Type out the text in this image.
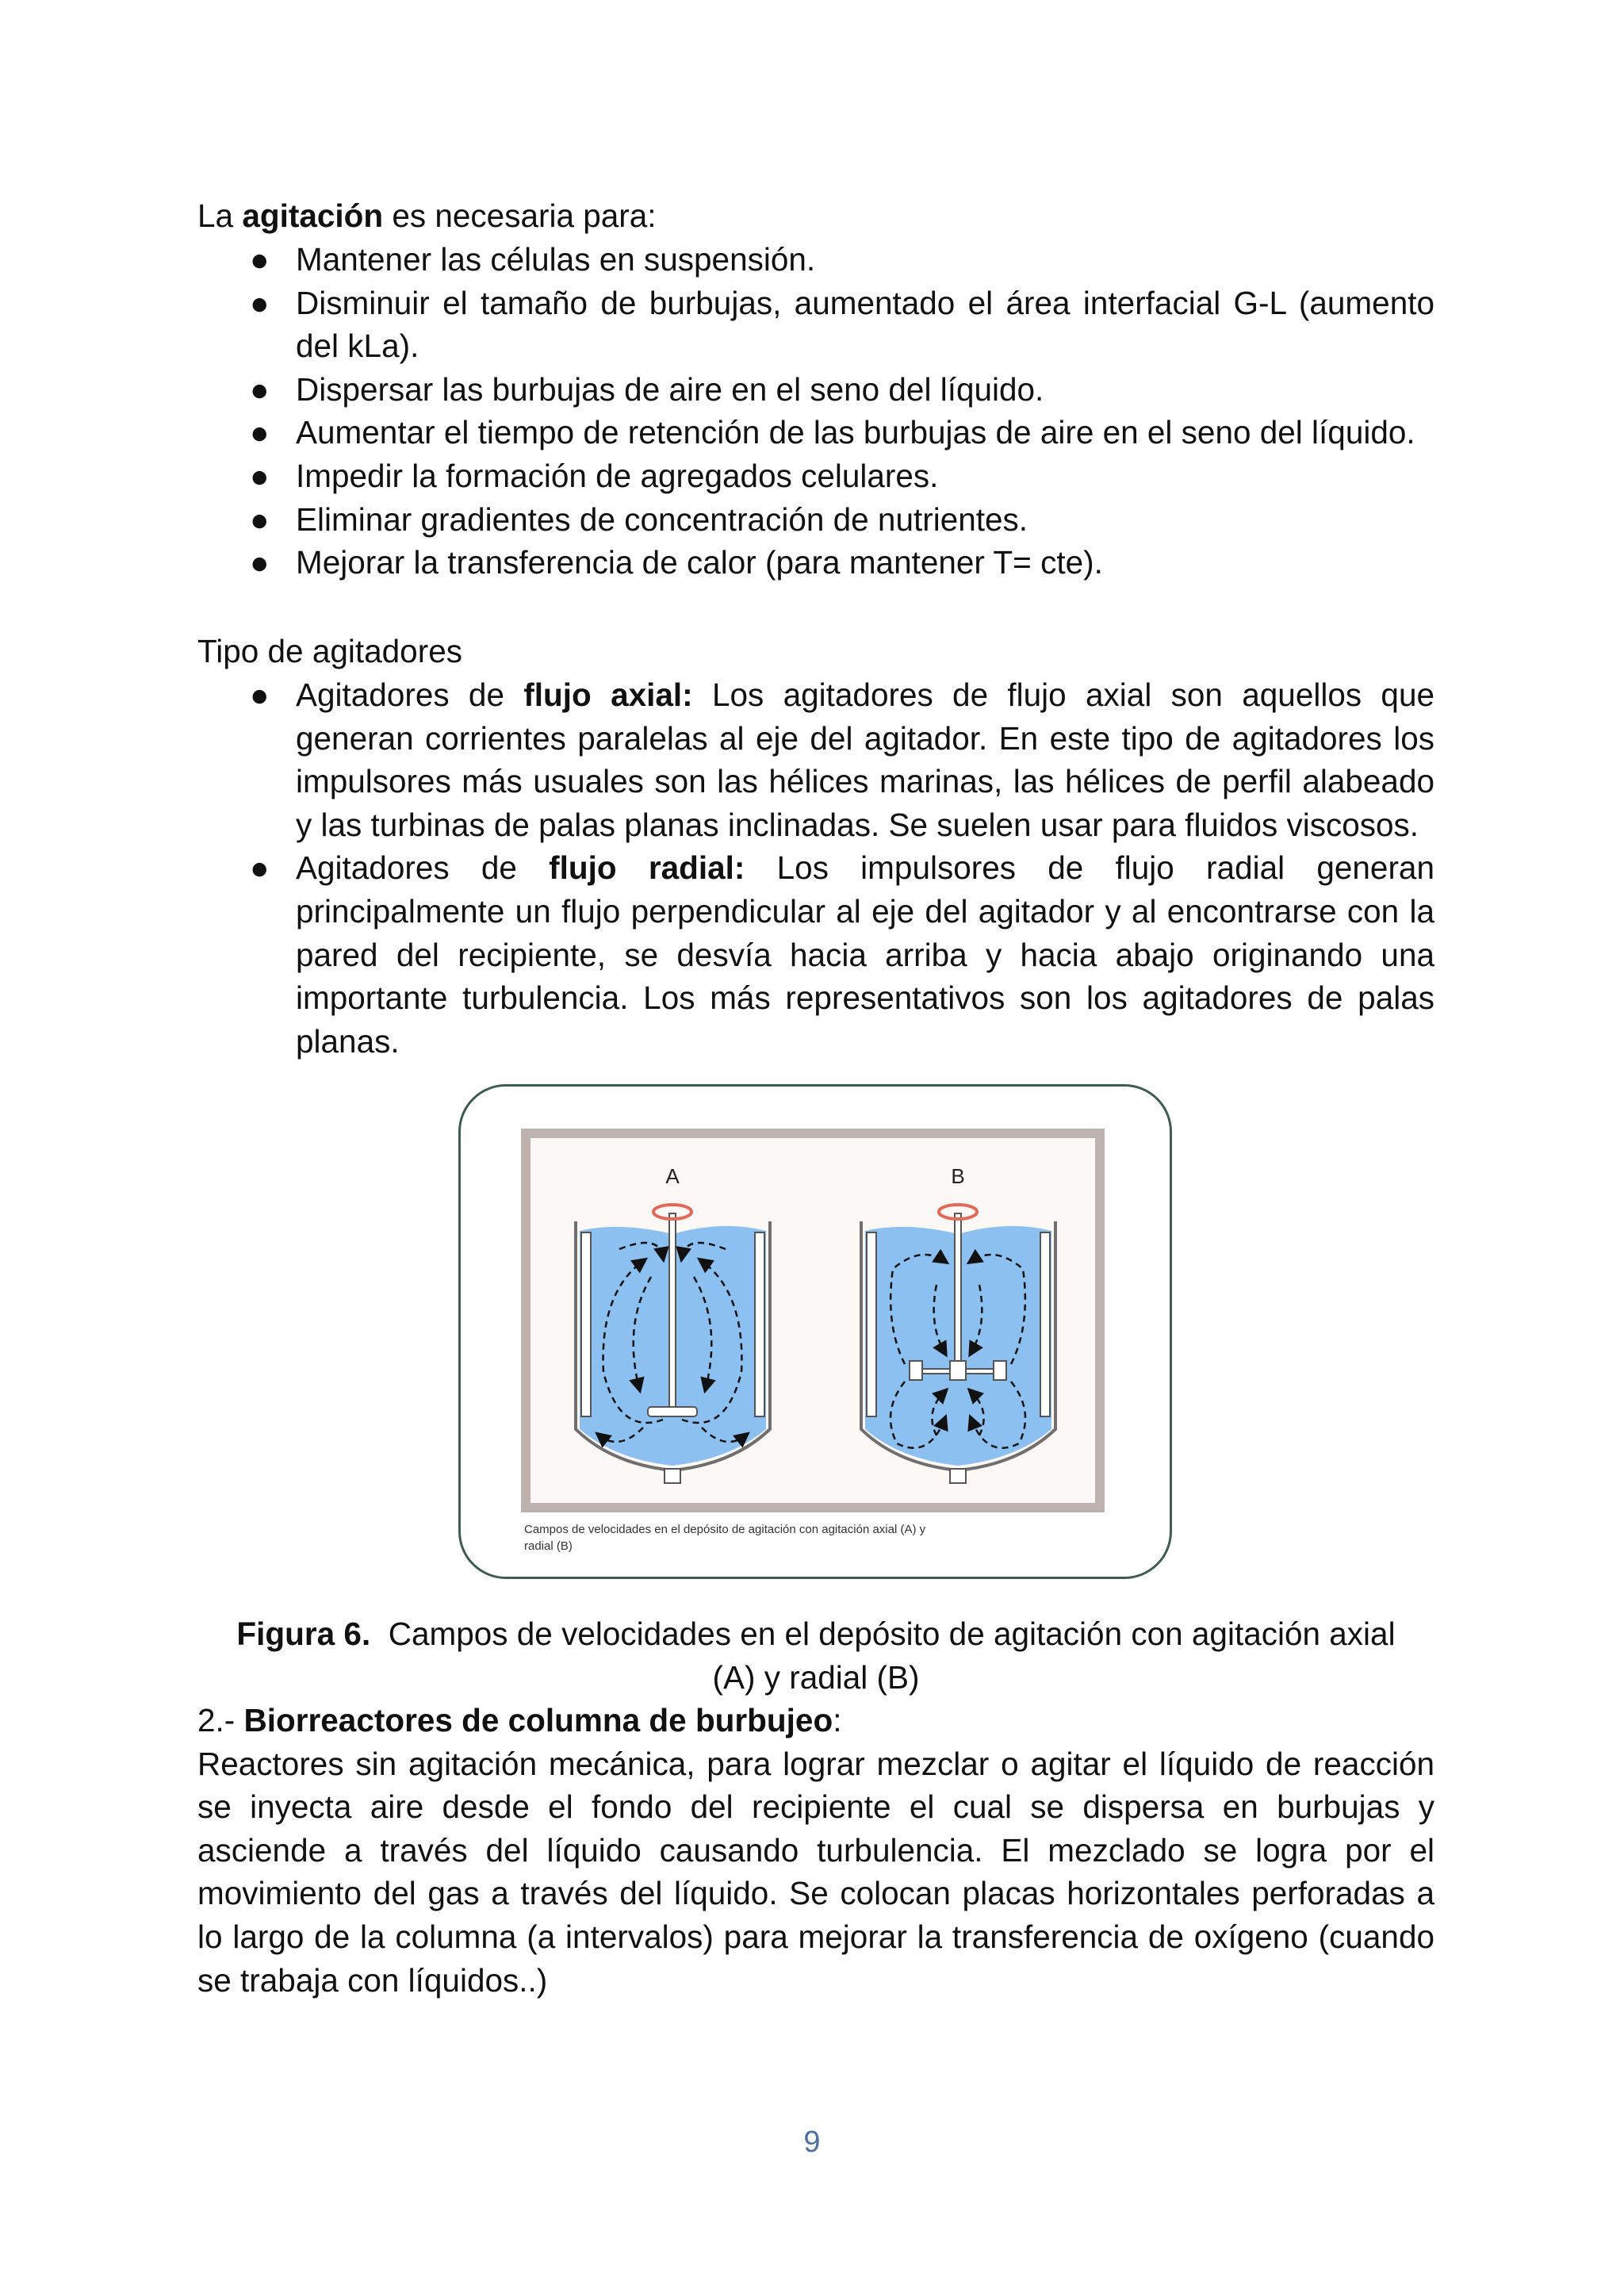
La agitación es necesaria para:

● Mantener las células en suspensión.
● Disminuir el tamaño de burbujas, aumentado el área interfacial G-L (aumento del kLa).
● Dispersar las burbujas de aire en el seno del líquido.
● Aumentar el tiempo de retención de las burbujas de aire en el seno del líquido.
● Impedir la formación de agregados celulares.
● Eliminar gradientes de concentración de nutrientes.
● Mejorar la transferencia de calor (para mantener T= cte).

Tipo de agitadores

● Agitadores de flujo axial: Los agitadores de flujo axial son aquellos que generan corrientes paralelas al eje del agitador. En este tipo de agitadores los impulsores más usuales son las hélices marinas, las hélices de perfil alabeado y las turbinas de palas planas inclinadas. Se suelen usar para fluidos viscosos.
● Agitadores de flujo radial: Los impulsores de flujo radial generan principalmente un flujo perpendicular al eje del agitador y al encontrarse con la pared del recipiente, se desvía hacia arriba y hacia abajo originando una importante turbulencia. Los más representativos son los agitadores de palas planas.
A	B
Campos de velocidades en el depósito de agitación con agitación axial (A) y
radial (B)

Figura 6.  Campos de velocidades en el depósito de agitación con agitación axial
(A) y radial (B)

2.- Biorreactores de columna de burbujeo:

Reactores sin agitación mecánica, para lograr mezclar o agitar el líquido de reacción se inyecta aire desde el fondo del recipiente el cual se dispersa en burbujas y asciende a través del líquido causando turbulencia. El mezclado se logra por el movimiento del gas a través del líquido. Se colocan placas horizontales perforadas a lo largo de la columna (a intervalos) para mejorar la transferencia de oxígeno (cuando se trabaja con líquidos..)

9
